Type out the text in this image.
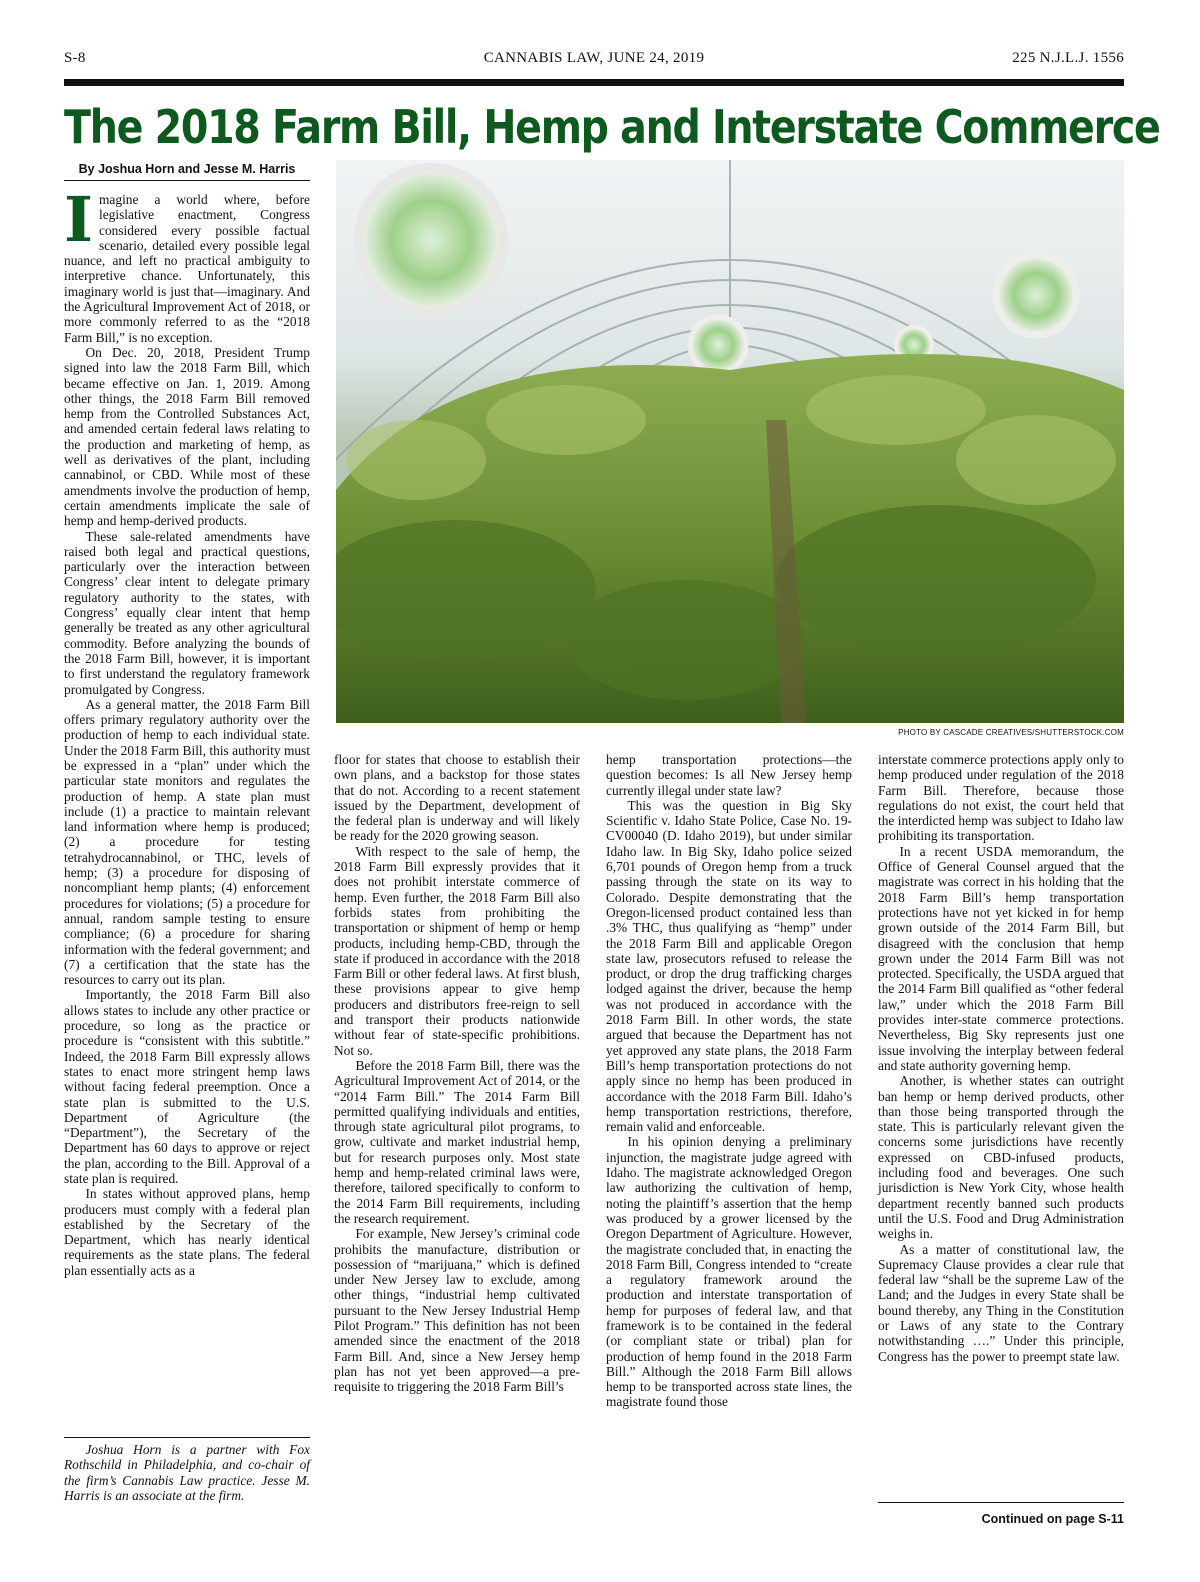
S-8	CANNABIS LAW, JUNE 24, 2019	225 N.J.L.J. 1556
The 2018 Farm Bill, Hemp and Interstate Commerce
By Joshua Horn and Jesse M. Harris
I magine a world where, before legislative enactment, Congress considered every possible factual scenario, detailed every possible legal nuance, and left no practical ambiguity to interpretive chance. Unfortunately, this imaginary world is just that—imaginary. And the Agricultural Improvement Act of 2018, or more commonly referred to as the “2018 Farm Bill,” is no exception.

On Dec. 20, 2018, President Trump signed into law the 2018 Farm Bill, which became effective on Jan. 1, 2019. Among other things, the 2018 Farm Bill removed hemp from the Controlled Substances Act, and amended certain federal laws relating to the production and marketing of hemp, as well as derivatives of the plant, including cannabinol, or CBD. While most of these amendments involve the production of hemp, certain amendments implicate the sale of hemp and hemp-derived products.

These sale-related amendments have raised both legal and practical questions, particularly over the interaction between Congress’ clear intent to delegate primary regulatory authority to the states, with Congress’ equally clear intent that hemp generally be treated as any other agricultural commodity. Before analyzing the bounds of the 2018 Farm Bill, however, it is important to first understand the regulatory framework promulgated by Congress.

As a general matter, the 2018 Farm Bill offers primary regulatory authority over the production of hemp to each individual state. Under the 2018 Farm Bill, this authority must be expressed in a “plan” under which the particular state monitors and regulates the production of hemp. A state plan must include (1) a practice to maintain relevant land information where hemp is produced; (2) a procedure for testing tetrahydrocannabinol, or THC, levels of hemp; (3) a procedure for disposing of noncompliant hemp plants; (4) enforcement procedures for violations; (5) a procedure for annual, random sample testing to ensure compliance; (6) a procedure for sharing information with the federal government; and (7) a certification that the state has the resources to carry out its plan.

Importantly, the 2018 Farm Bill also allows states to include any other practice or procedure, so long as the practice or procedure is “consistent with this subtitle.” Indeed, the 2018 Farm Bill expressly allows states to enact more stringent hemp laws without facing federal preemption. Once a state plan is submitted to the U.S. Department of Agriculture (the “Department”), the Secretary of the Department has 60 days to approve or reject the plan, according to the Bill. Approval of a state plan is required.

In states without approved plans, hemp producers must comply with a federal plan established by the Secretary of the Department, which has nearly identical requirements as the state plans. The federal plan essentially acts as a

Joshua Horn is a partner with Fox Rothschild in Philadelphia, and co-chair of the firm’s Cannabis Law practice. Jesse M. Harris is an associate at the firm.

PHOTO BY CASCADE CREATIVES/SHUTTERSTOCK.COM

floor for states that choose to establish their own plans, and a backstop for those states that do not. According to a recent statement issued by the Department, development of the federal plan is underway and will likely be ready for the 2020 growing season.

With respect to the sale of hemp, the 2018 Farm Bill expressly provides that it does not prohibit interstate commerce of hemp. Even further, the 2018 Farm Bill also forbids states from prohibiting the transportation or shipment of hemp or hemp products, including hemp-CBD, through the state if produced in accordance with the 2018 Farm Bill or other federal laws. At first blush, these provisions appear to give hemp producers and distributors free-reign to sell and transport their products nationwide without fear of state-specific prohibitions. Not so.

Before the 2018 Farm Bill, there was the Agricultural Improvement Act of 2014, or the “2014 Farm Bill.” The 2014 Farm Bill permitted qualifying individuals and entities, through state agricultural pilot programs, to grow, cultivate and market industrial hemp, but for research purposes only. Most state hemp and hemp-related criminal laws were, therefore, tailored specifically to conform to the 2014 Farm Bill requirements, including the research requirement.

For example, New Jersey’s criminal code prohibits the manufacture, distribution or possession of “marijuana,” which is defined under New Jersey law to exclude, among other things, “industrial hemp cultivated pursuant to the New Jersey Industrial Hemp Pilot Program.” This definition has not been amended since the enactment of the 2018 Farm Bill. And, since a New Jersey hemp plan has not yet been approved—a pre-requisite to triggering the 2018 Farm Bill’s

hemp transportation protections—the question becomes: Is all New Jersey hemp currently illegal under state law?

This was the question in Big Sky Scientific v. Idaho State Police, Case No. 19-CV00040 (D. Idaho 2019), but under similar Idaho law. In Big Sky, Idaho police seized 6,701 pounds of Oregon hemp from a truck passing through the state on its way to Colorado. Despite demonstrating that the Oregon-licensed product contained less than .3% THC, thus qualifying as “hemp” under the 2018 Farm Bill and applicable Oregon state law, prosecutors refused to release the product, or drop the drug trafficking charges lodged against the driver, because the hemp was not produced in accordance with the 2018 Farm Bill. In other words, the state argued that because the Department has not yet approved any state plans, the 2018 Farm Bill’s hemp transportation protections do not apply since no hemp has been produced in accordance with the 2018 Farm Bill. Idaho’s hemp transportation restrictions, therefore, remain valid and enforceable.

In his opinion denying a preliminary injunction, the magistrate judge agreed with Idaho. The magistrate acknowledged Oregon law authorizing the cultivation of hemp, noting the plaintiff’s assertion that the hemp was produced by a grower licensed by the Oregon Department of Agriculture. However, the magistrate concluded that, in enacting the 2018 Farm Bill, Congress intended to “create a regulatory framework around the production and interstate transportation of hemp for purposes of federal law, and that framework is to be contained in the federal (or compliant state or tribal) plan for production of hemp found in the 2018 Farm Bill.” Although the 2018 Farm Bill allows hemp to be transported across state lines, the magistrate found those

interstate commerce protections apply only to hemp produced under regulation of the 2018 Farm Bill. Therefore, because those regulations do not exist, the court held that the interdicted hemp was subject to Idaho law prohibiting its transportation.

In a recent USDA memorandum, the Office of General Counsel argued that the magistrate was correct in his holding that the 2018 Farm Bill’s hemp transportation protections have not yet kicked in for hemp grown outside of the 2014 Farm Bill, but disagreed with the conclusion that hemp grown under the 2014 Farm Bill was not protected. Specifically, the USDA argued that the 2014 Farm Bill qualified as “other federal law,” under which the 2018 Farm Bill provides inter-state commerce protections. Nevertheless, Big Sky represents just one issue involving the interplay between federal and state authority governing hemp.

Another, is whether states can outright ban hemp or hemp derived products, other than those being transported through the state. This is particularly relevant given the concerns some jurisdictions have recently expressed on CBD-infused products, including food and beverages. One such jurisdiction is New York City, whose health department recently banned such products until the U.S. Food and Drug Administration weighs in.

As a matter of constitutional law, the Supremacy Clause provides a clear rule that federal law “shall be the supreme Law of the Land; and the Judges in every State shall be bound thereby, any Thing in the Constitution or Laws of any state to the Contrary notwithstanding ….” Under this principle, Congress has the power to preempt state law.

Continued on page S-11
